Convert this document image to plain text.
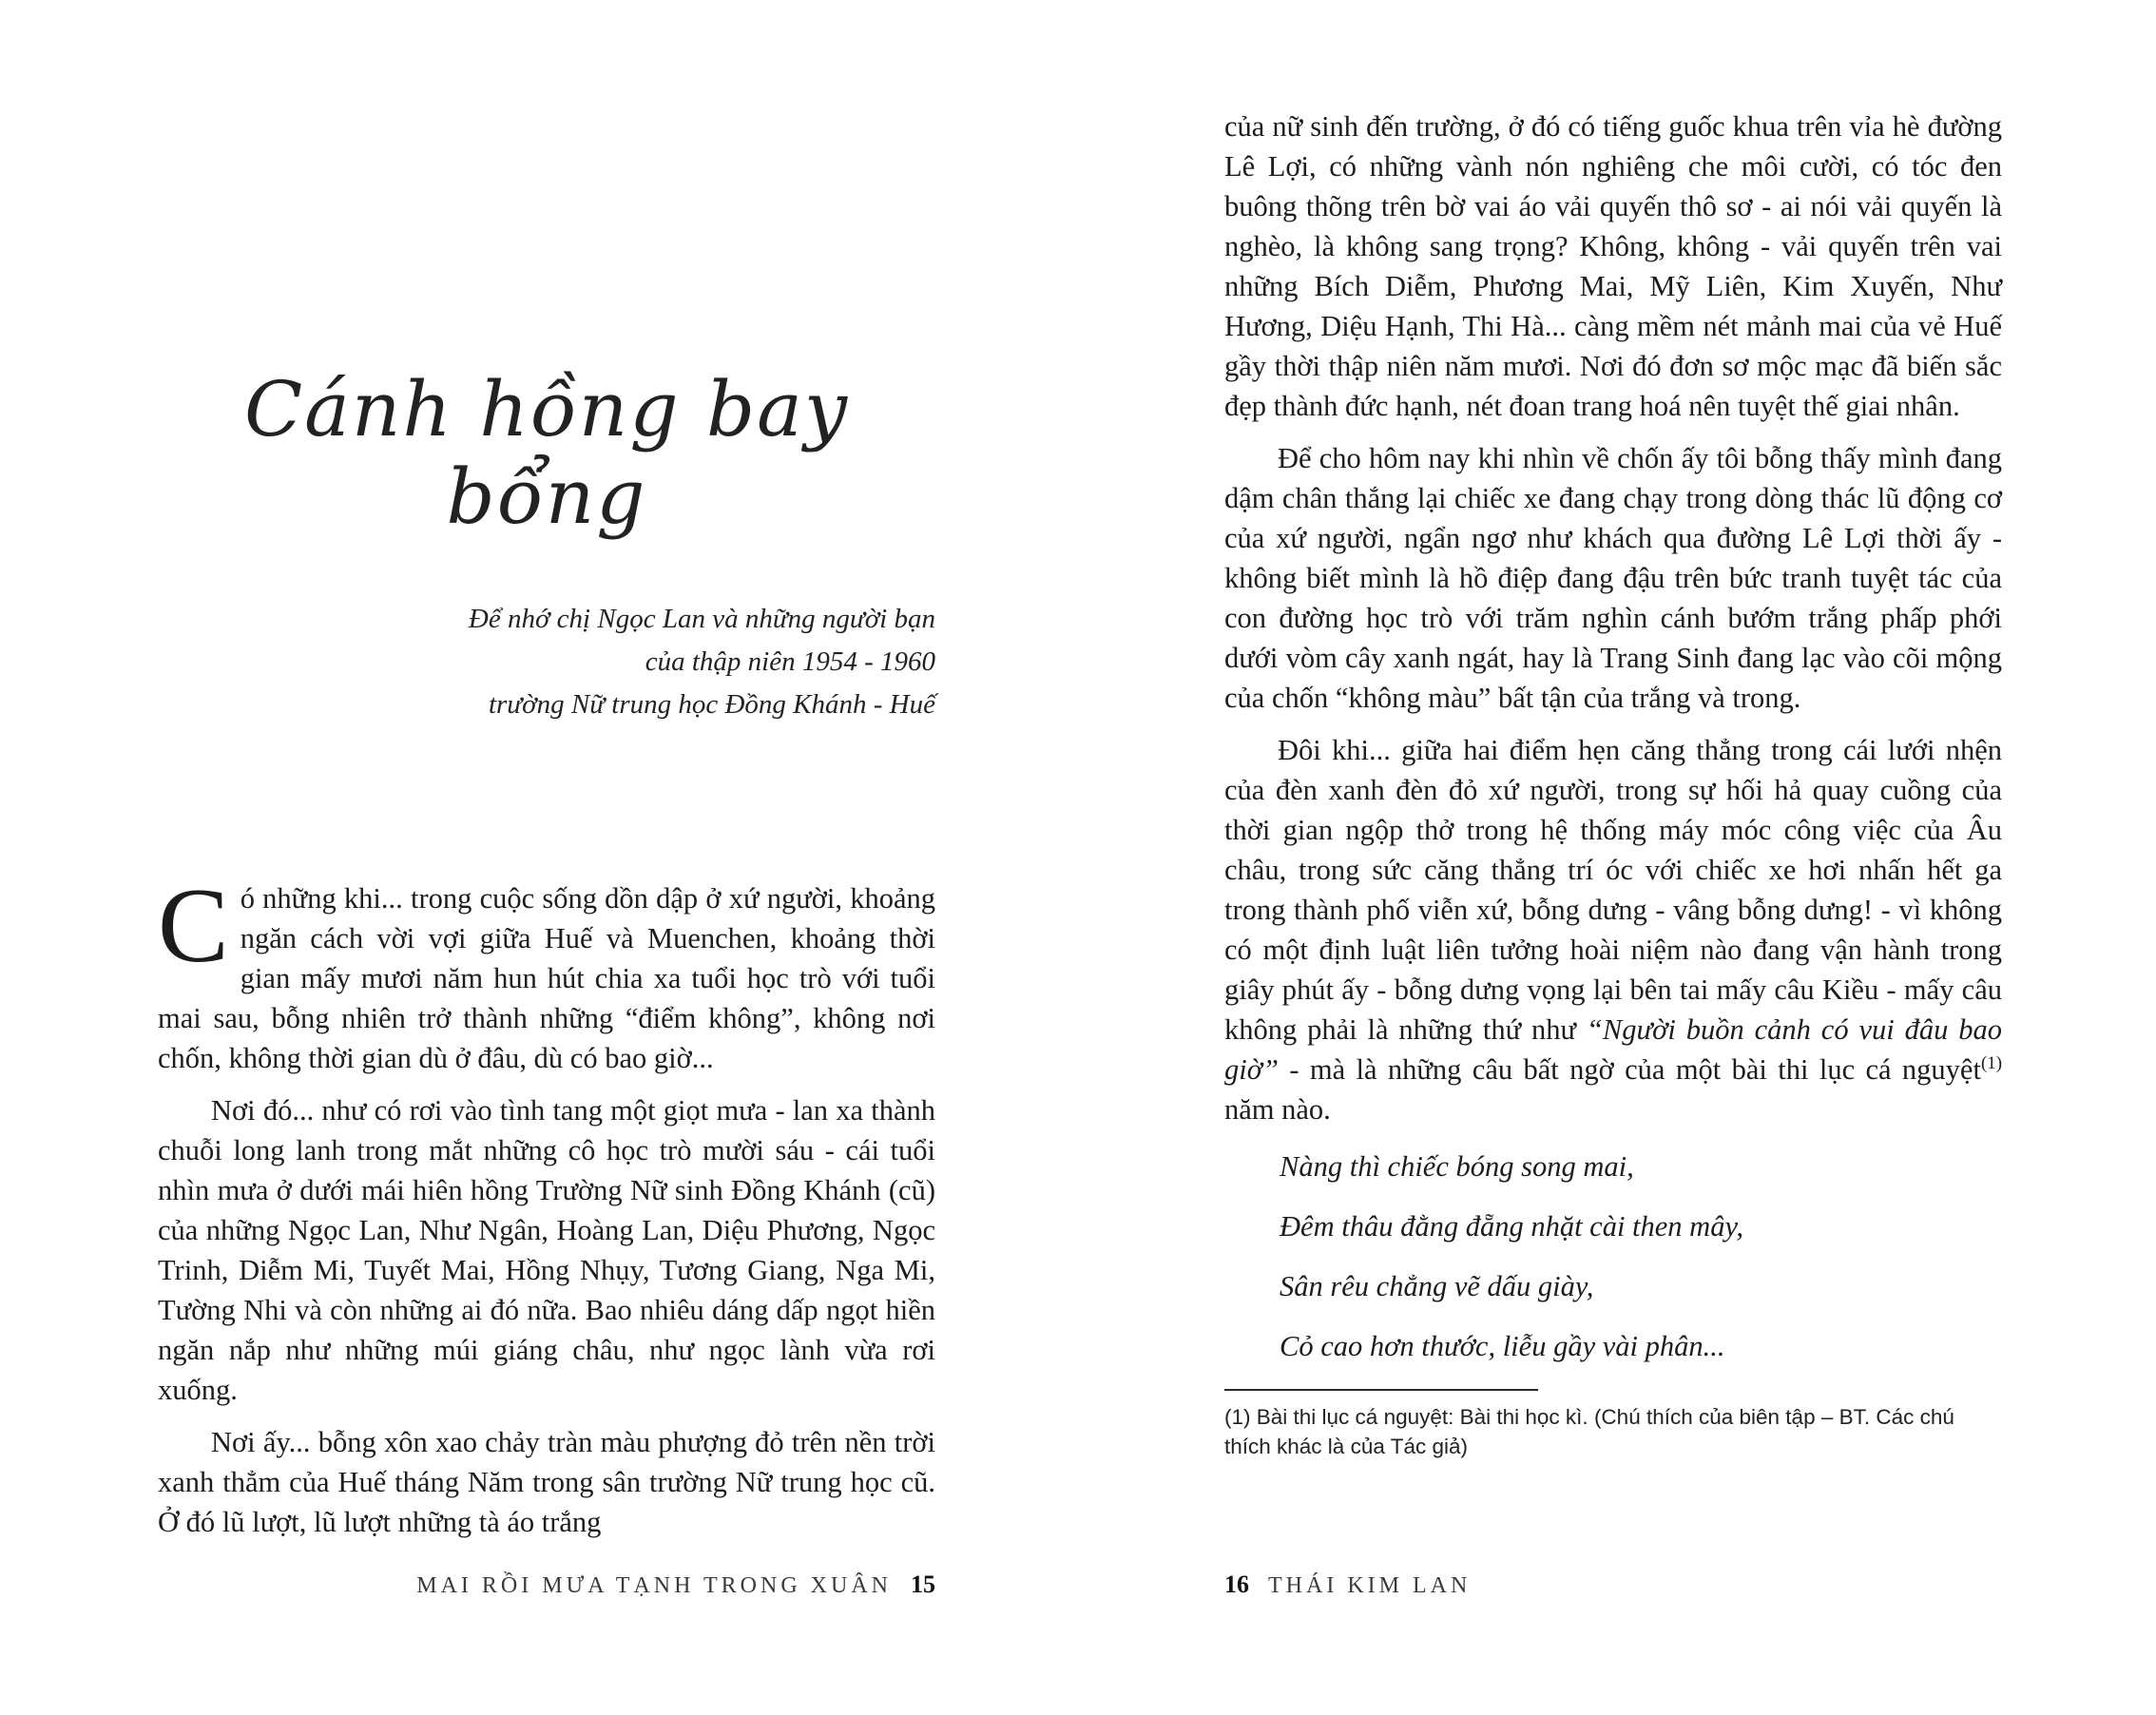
Cánh hồng bay bổng
Để nhớ chị Ngọc Lan và những người bạn
của thập niên 1954 - 1960
trường Nữ trung học Đồng Khánh - Huế

Có những khi... trong cuộc sống dồn dập ở xứ người, khoảng ngăn cách vời vợi giữa Huế và Muenchen, khoảng thời gian mấy mươi năm hun hút chia xa tuổi học trò với tuổi mai sau, bỗng nhiên trở thành những “điểm không”, không nơi chốn, không thời gian dù ở đâu, dù có bao giờ...

Nơi đó... như có rơi vào tình tang một giọt mưa - lan xa thành chuỗi long lanh trong mắt những cô học trò mười sáu - cái tuổi nhìn mưa ở dưới mái hiên hồng Trường Nữ sinh Đồng Khánh (cũ) của những Ngọc Lan, Như Ngân, Hoàng Lan, Diệu Phương, Ngọc Trinh, Diễm Mi, Tuyết Mai, Hồng Nhụy, Tương Giang, Nga Mi, Tường Nhi và còn những ai đó nữa. Bao nhiêu dáng dấp ngọt hiền ngăn nắp như những múi giáng châu, như ngọc lành vừa rơi xuống.

Nơi ấy... bỗng xôn xao chảy tràn màu phượng đỏ trên nền trời xanh thẳm của Huế tháng Năm trong sân trường Nữ trung học cũ. Ở đó lũ lượt, lũ lượt những tà áo trắng

MAI RỒI MƯA TẠNH TRONG XUÂN 15

của nữ sinh đến trường, ở đó có tiếng guốc khua trên vỉa hè đường Lê Lợi, có những vành nón nghiêng che môi cười, có tóc đen buông thõng trên bờ vai áo vải quyến thô sơ - ai nói vải quyến là nghèo, là không sang trọng? Không, không - vải quyến trên vai những Bích Diễm, Phương Mai, Mỹ Liên, Kim Xuyến, Như Hương, Diệu Hạnh, Thi Hà... càng mềm nét mảnh mai của vẻ Huế gầy thời thập niên năm mươi. Nơi đó đơn sơ mộc mạc đã biến sắc đẹp thành đức hạnh, nét đoan trang hoá nên tuyệt thế giai nhân.

Để cho hôm nay khi nhìn về chốn ấy tôi bỗng thấy mình đang dậm chân thắng lại chiếc xe đang chạy trong dòng thác lũ động cơ của xứ người, ngẩn ngơ như khách qua đường Lê Lợi thời ấy - không biết mình là hồ điệp đang đậu trên bức tranh tuyệt tác của con đường học trò với trăm nghìn cánh bướm trắng phấp phới dưới vòm cây xanh ngát, hay là Trang Sinh đang lạc vào cõi mộng của chốn “không màu” bất tận của trắng và trong.

Đôi khi... giữa hai điểm hẹn căng thẳng trong cái lưới nhện của đèn xanh đèn đỏ xứ người, trong sự hối hả quay cuồng của thời gian ngộp thở trong hệ thống máy móc công việc của Âu châu, trong sức căng thẳng trí óc với chiếc xe hơi nhấn hết ga trong thành phố viễn xứ, bỗng dưng - vâng bỗng dưng! - vì không có một định luật liên tưởng hoài niệm nào đang vận hành trong giây phút ấy - bỗng dưng vọng lại bên tai mấy câu Kiều - mấy câu không phải là những thứ như “Người buồn cảnh có vui đâu bao giờ” - mà là những câu bất ngờ của một bài thi lục cá nguyệt$^{(1)}$ năm nào.

Nàng thì chiếc bóng song mai,
Đêm thâu đằng đẵng nhặt cài then mây,
Sân rêu chẳng vẽ dấu giày,
Cỏ cao hơn thước, liễu gầy vài phân...
(1) Bài thi lục cá nguyệt: Bài thi học kì. (Chú thích của biên tập – BT. Các chú thích khác là của Tác giả)
16 THÁI KIM LAN
